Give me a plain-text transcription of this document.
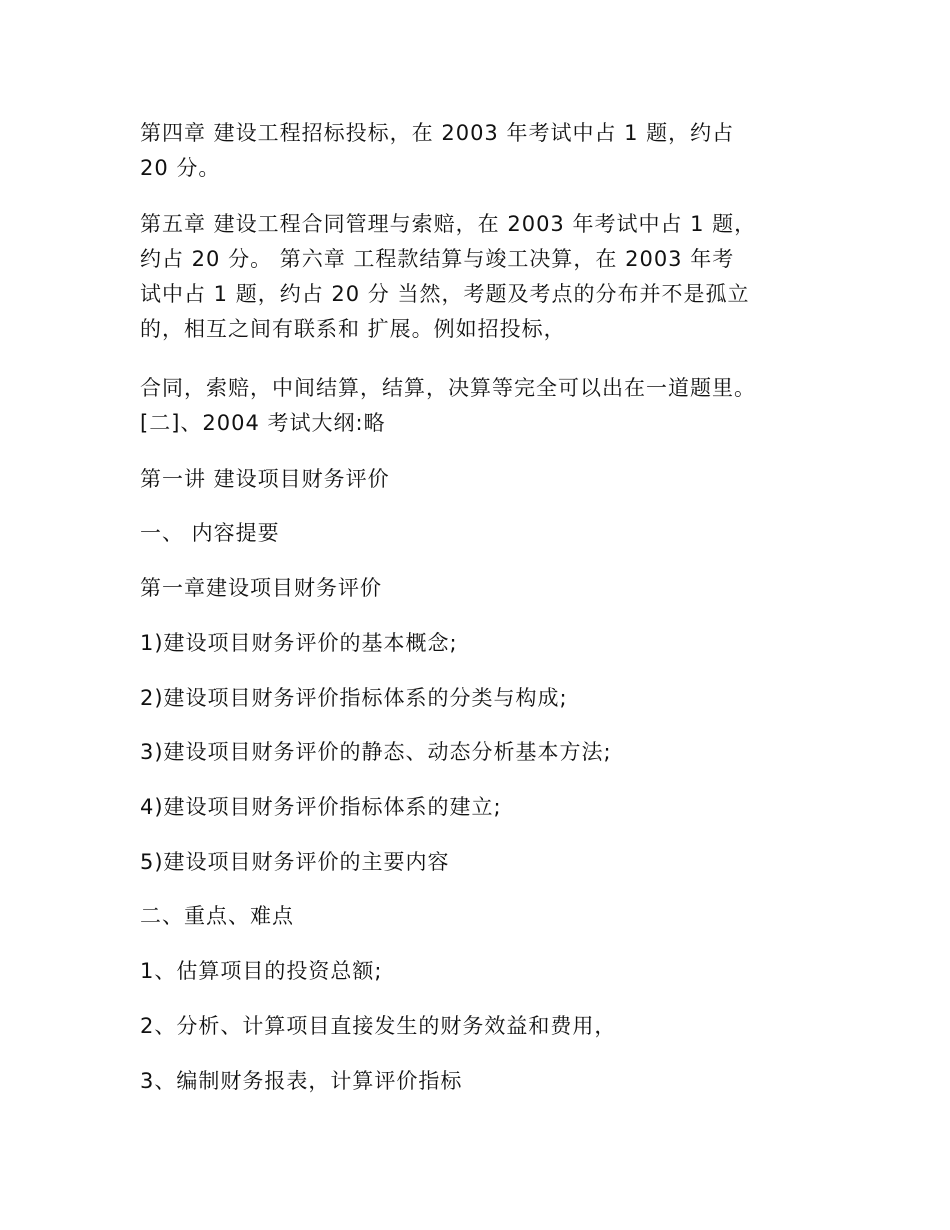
第四章 建设工程招标投标，在 2003 年考试中占 1 题，约占
20 分。

第五章 建设工程合同管理与索赔，在 2003 年考试中占 1 题，
约占 20 分。 第六章 工程款结算与竣工决算，在 2003 年考
试中占 1 题，约占 20 分 当然，考题及考点的分布并不是孤立
的，相互之间有联系和 扩展。例如招投标，

合同，索赔，中间结算，结算，决算等完全可以出在一道题里。
[二]、2004 考试大纲:略

第一讲 建设项目财务评价

一、 内容提要

第一章建设项目财务评价

1)建设项目财务评价的基本概念;

2)建设项目财务评价指标体系的分类与构成;

3)建设项目财务评价的静态、动态分析基本方法;

4)建设项目财务评价指标体系的建立;

5)建设项目财务评价的主要内容

二、重点、难点

1、估算项目的投资总额;

2、分析、计算项目直接发生的财务效益和费用，

3、编制财务报表，计算评价指标
